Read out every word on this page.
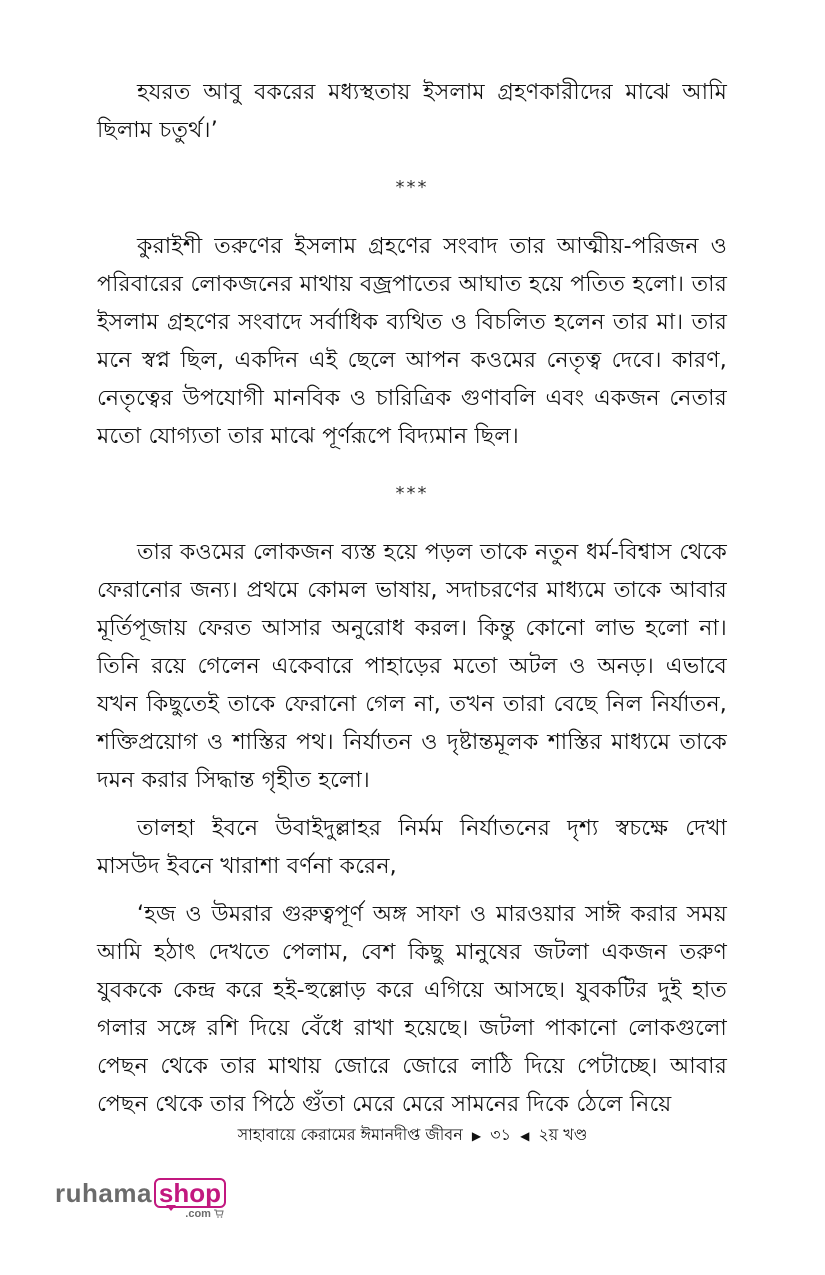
হযরত আবু বকরের মধ্যস্থতায় ইসলাম গ্রহণকারীদের মাঝে আমি ছিলাম চতুর্থ।’

***

কুরাইশী তরুণের ইসলাম গ্রহণের সংবাদ তার আত্মীয়-পরিজন ও পরিবারের লোকজনের মাথায় বজ্রপাতের আঘাত হয়ে পতিত হলো। তার ইসলাম গ্রহণের সংবাদে সর্বাধিক ব্যথিত ও বিচলিত হলেন তার মা। তার মনে স্বপ্ন ছিল, একদিন এই ছেলে আপন কওমের নেতৃত্ব দেবে। কারণ, নেতৃত্বের উপযোগী মানবিক ও চারিত্রিক গুণাবলি এবং একজন নেতার মতো যোগ্যতা তার মাঝে পূর্ণরূপে বিদ্যমান ছিল।

***

তার কওমের লোকজন ব্যস্ত হয়ে পড়ল তাকে নতুন ধর্ম-বিশ্বাস থেকে ফেরানোর জন্য। প্রথমে কোমল ভাষায়, সদাচরণের মাধ্যমে তাকে আবার মূর্তিপূজায় ফেরত আসার অনুরোধ করল। কিন্তু কোনো লাভ হলো না। তিনি রয়ে গেলেন একেবারে পাহাড়ের মতো অটল ও অনড়। এভাবে যখন কিছুতেই তাকে ফেরানো গেল না, তখন তারা বেছে নিল নির্যাতন, শক্তিপ্রয়োগ ও শাস্তির পথ। নির্যাতন ও দৃষ্টান্তমূলক শাস্তির মাধ্যমে তাকে দমন করার সিদ্ধান্ত গৃহীত হলো।

তালহা ইবনে উবাইদুল্লাহর নির্মম নির্যাতনের দৃশ্য স্বচক্ষে দেখা মাসউদ ইবনে খারাশা বর্ণনা করেন,

‘হজ ও উমরার গুরুত্বপূর্ণ অঙ্গ সাফা ও মারওয়ার সাঈ করার সময় আমি হঠাৎ দেখতে পেলাম, বেশ কিছু মানুষের জটলা একজন তরুণ যুবককে কেন্দ্র করে হই-হুল্লোড় করে এগিয়ে আসছে। যুবকটির দুই হাত গলার সঙ্গে রশি দিয়ে বেঁধে রাখা হয়েছে। জটলা পাকানো লোকগুলো পেছন থেকে তার মাথায় জোরে জোরে লাঠি দিয়ে পেটাচ্ছে। আবার পেছন থেকে তার পিঠে গুঁতা মেরে মেরে সামনের দিকে ঠেলে নিয়ে

সাহাবায়ে কেরামের ঈমানদীপ্ত জীবন ▶ ৩১ ◀ ২য় খণ্ড
ruhama shop
.com
